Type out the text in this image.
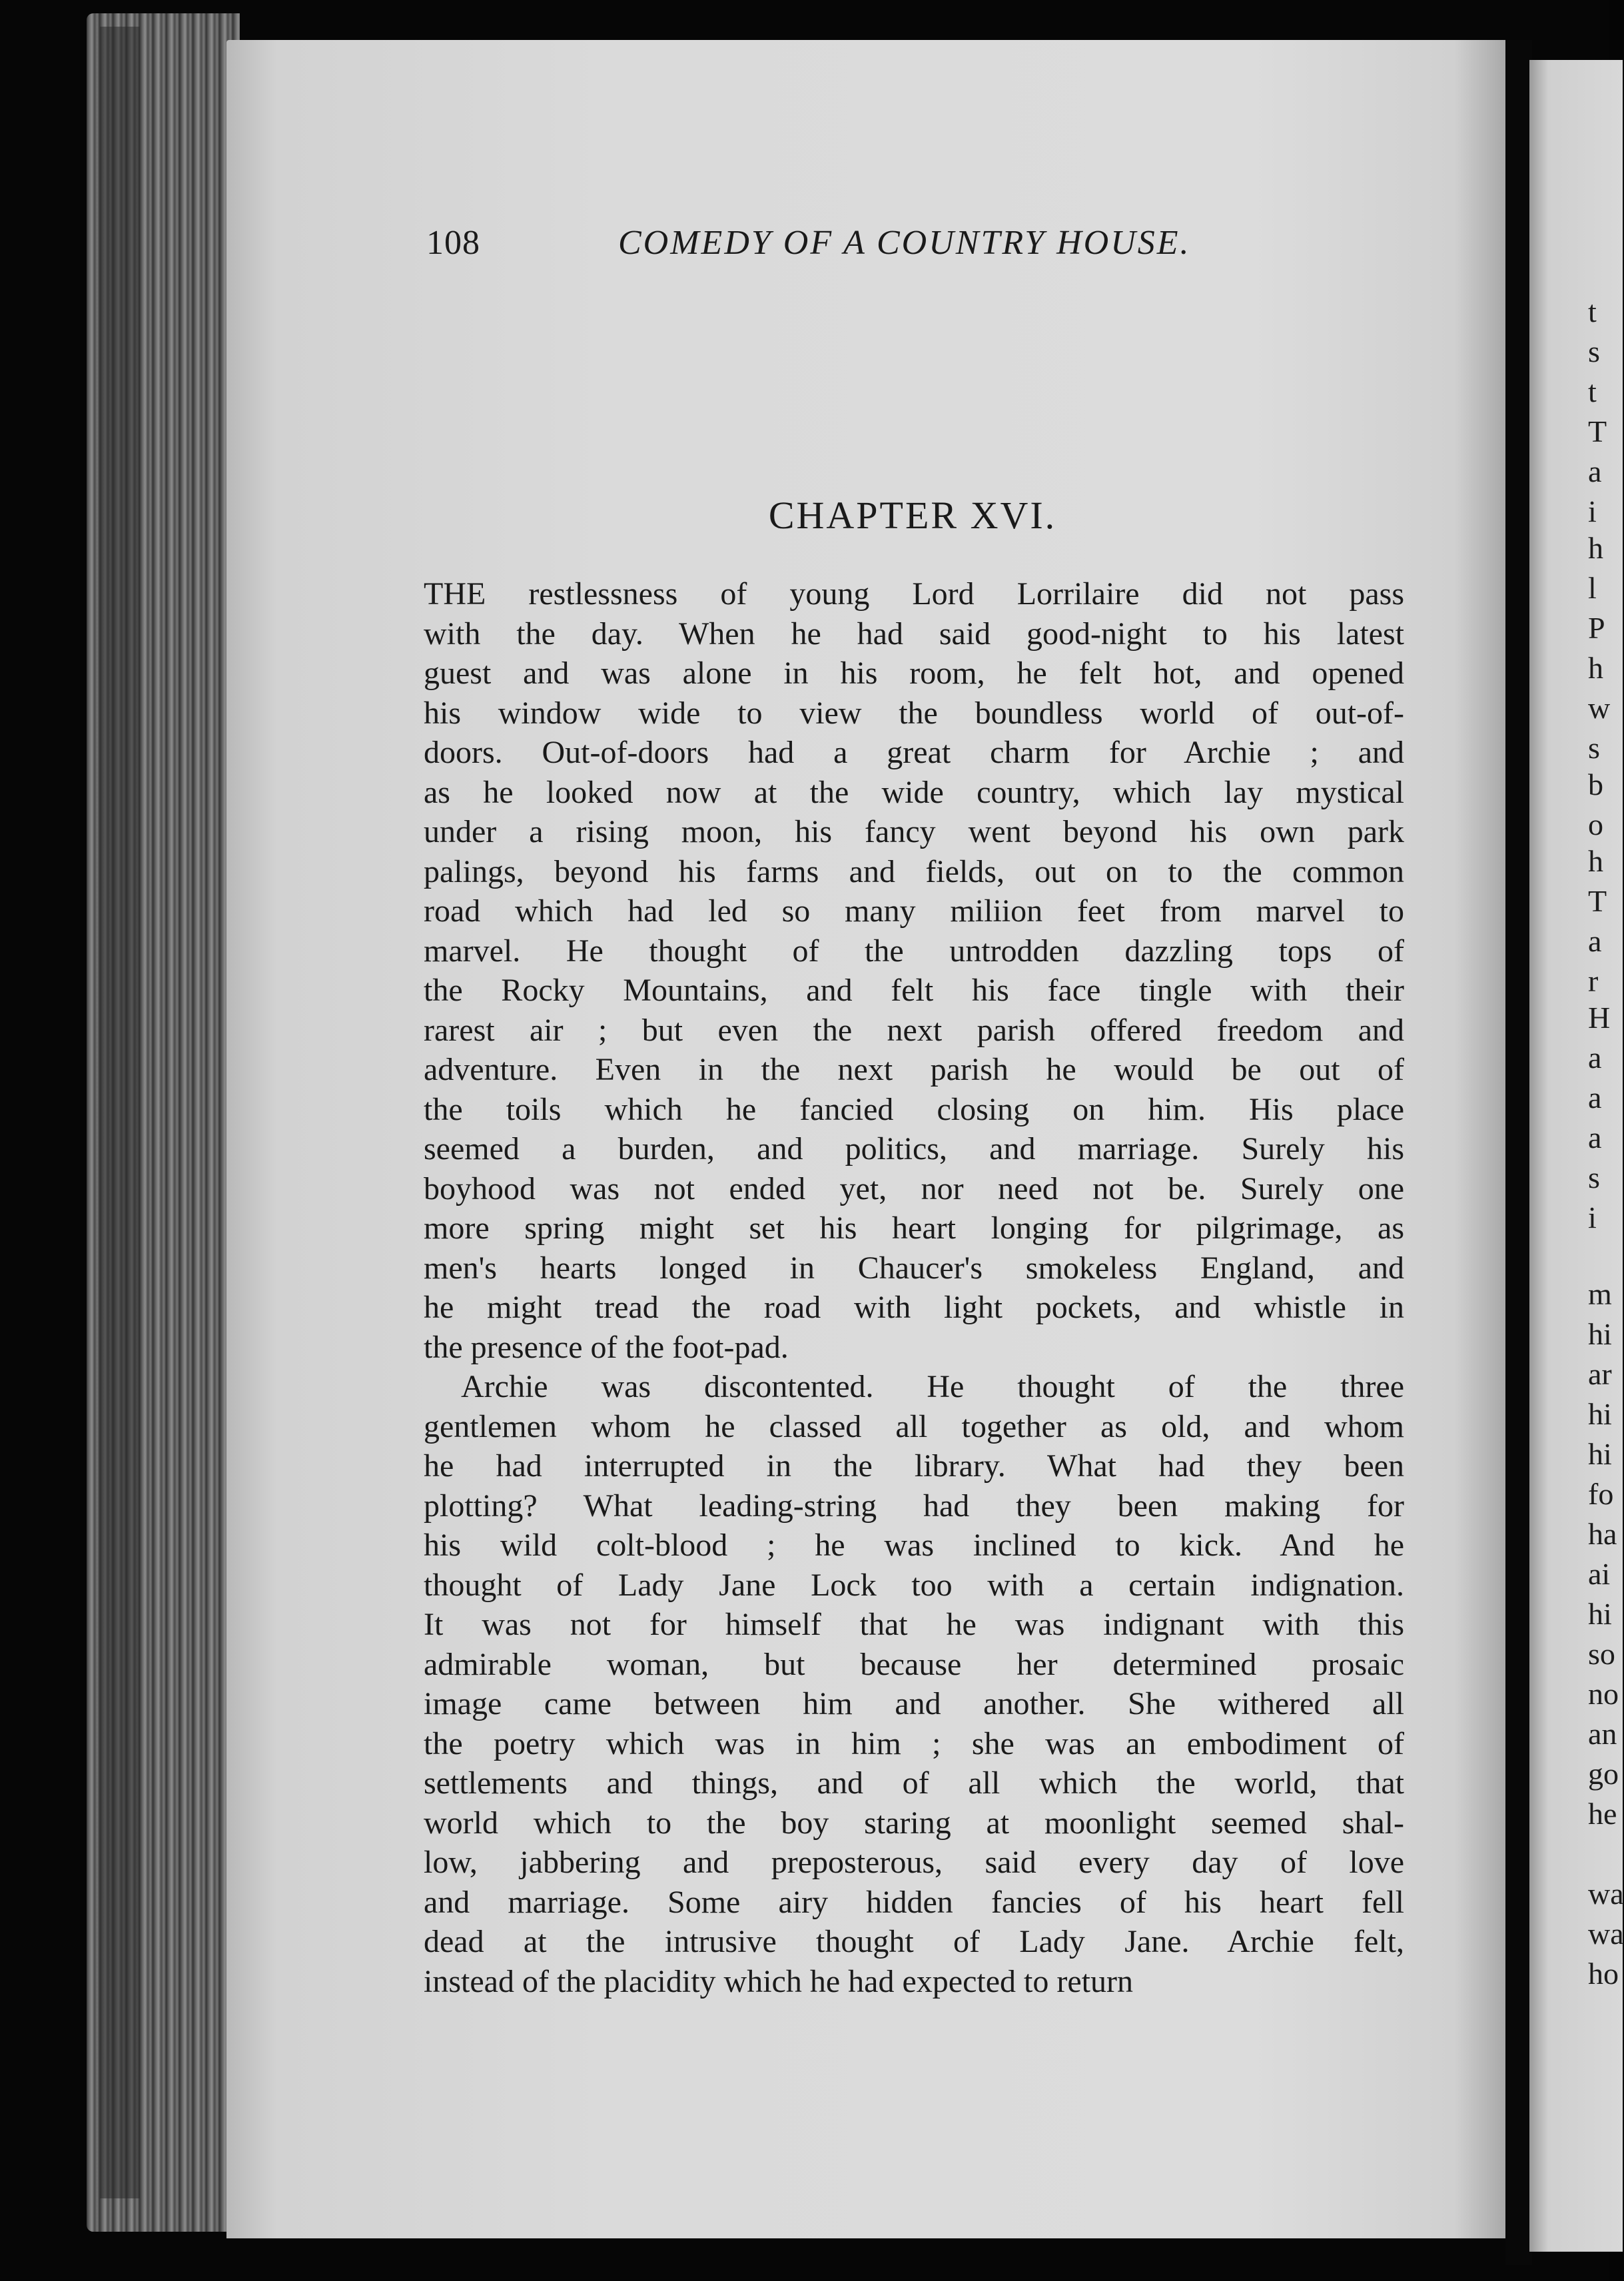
t
s
t
T
a
i
h
l
P
h
w
s
b
o
h
T
a
r
H
a
a
a
s
i
m
hi
ar
hi
hi
fo
ha
ai
hi
so
no
an
go
he
wa
wa
ho
108	COMEDY OF A COUNTRY HOUSE.
CHAPTER XVI.
THE restlessness of young Lord Lorrilaire did not pass
with the day. When he had said good-night to his latest
guest and was alone in his room, he felt hot, and opened
his window wide to view the boundless world of out-of-
doors. Out-of-doors had a great charm for Archie ; and
as he looked now at the wide country, which lay mystical
under a rising moon, his fancy went beyond his own park
palings, beyond his farms and fields, out on to the common
road which had led so many miliion feet from marvel to
marvel. He thought of the untrodden dazzling tops of
the Rocky Mountains, and felt his face tingle with their
rarest air ; but even the next parish offered freedom and
adventure. Even in the next parish he would be out of
the toils which he fancied closing on him. His place
seemed a burden, and politics, and marriage. Surely his
boyhood was not ended yet, nor need not be. Surely one
more spring might set his heart longing for pilgrimage, as
men's hearts longed in Chaucer's smokeless England, and
he might tread the road with light pockets, and whistle in
the presence of the foot-pad.
Archie was discontented. He thought of the three
gentlemen whom he classed all together as old, and whom
he had interrupted in the library. What had they been
plotting? What leading-string had they been making for
his wild colt-blood ; he was inclined to kick. And he
thought of Lady Jane Lock too with a certain indignation.
It was not for himself that he was indignant with this
admirable woman, but because her determined prosaic
image came between him and another. She withered all
the poetry which was in him ; she was an embodiment of
settlements and things, and of all which the world, that
world which to the boy staring at moonlight seemed shal-
low, jabbering and preposterous, said every day of love
and marriage. Some airy hidden fancies of his heart fell
dead at the intrusive thought of Lady Jane. Archie felt,
instead of the placidity which he had expected to return
